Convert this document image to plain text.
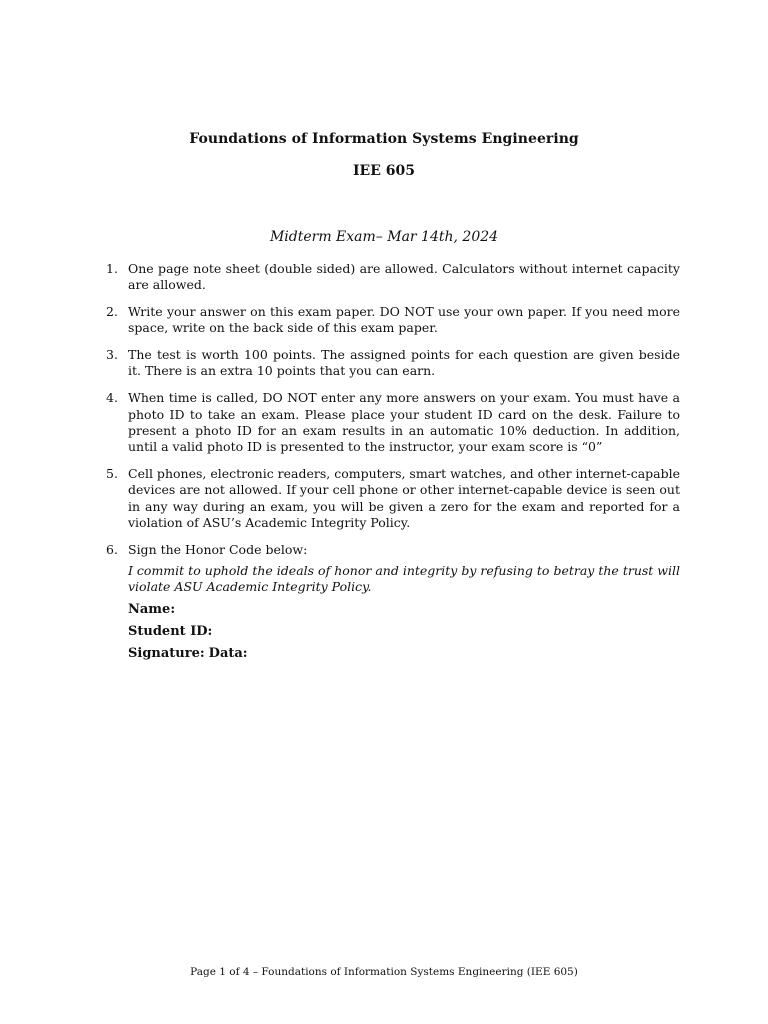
Foundations of Information Systems Engineering
IEE 605
Midterm Exam– Mar 14th, 2024
1. One page note sheet (double sided) are allowed. Calculators without internet capacity are allowed.
2. Write your answer on this exam paper. DO NOT use your own paper. If you need more space, write on the back side of this exam paper.
3. The test is worth 100 points. The assigned points for each question are given beside it. There is an extra 10 points that you can earn.
4. When time is called, DO NOT enter any more answers on your exam. You must have a photo ID to take an exam. Please place your student ID card on the desk. Failure to present a photo ID for an exam results in an automatic 10% deduction. In addition, until a valid photo ID is presented to the instructor, your exam score is “0”
5. Cell phones, electronic readers, computers, smart watches, and other internet-capable devices are not allowed. If your cell phone or other internet-capable device is seen out in any way during an exam, you will be given a zero for the exam and reported for a violation of ASU’s Academic Integrity Policy.
6. Sign the Honor Code below:
I commit to uphold the ideals of honor and integrity by refusing to betray the trust will violate ASU Academic Integrity Policy.
Name:
Student ID:
Signature: Data:
Page 1 of 4 – Foundations of Information Systems Engineering (IEE 605)
